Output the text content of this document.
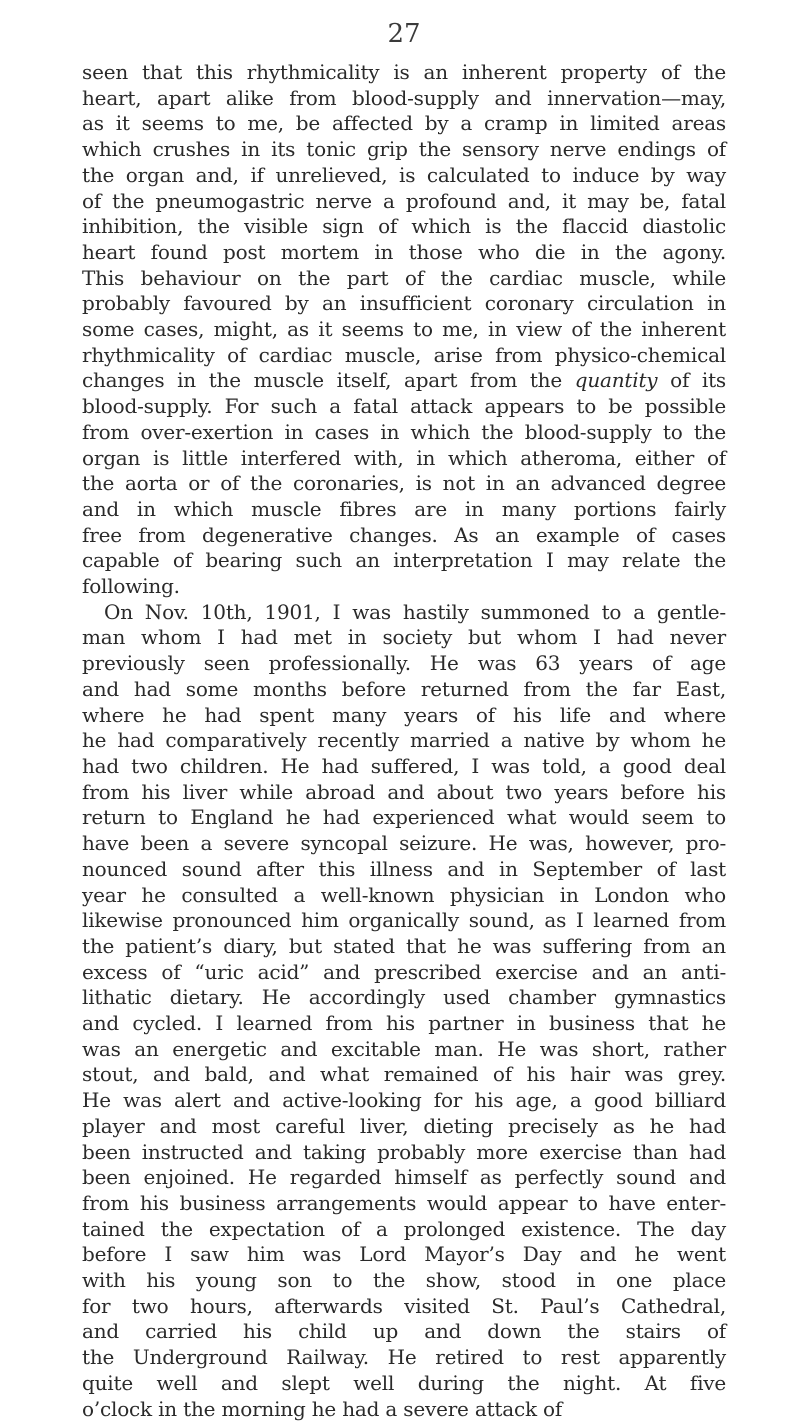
27
seen that this rhythmicality is an inherent property of the
heart, apart alike from blood-supply and innervation—may,
as it seems to me, be affected by a cramp in limited areas
which crushes in its tonic grip the sensory nerve endings of
the organ and, if unrelieved, is calculated to induce by way
of the pneumogastric nerve a profound and, it may be, fatal
inhibition, the visible sign of which is the flaccid diastolic
heart found post mortem in those who die in the agony.
This behaviour on the part of the cardiac muscle, while
probably favoured by an insufficient coronary circulation in
some cases, might, as it seems to me, in view of the inherent
rhythmicality of cardiac muscle, arise from physico-chemical
changes in the muscle itself, apart from the quantity of its
blood-supply. For such a fatal attack appears to be possible
from over-exertion in cases in which the blood-supply to the
organ is little interfered with, in which atheroma, either of
the aorta or of the coronaries, is not in an advanced degree
and in which muscle fibres are in many portions fairly
free from degenerative changes. As an example of cases
capable of bearing such an interpretation I may relate the
following.
On Nov. 10th, 1901, I was hastily summoned to a gentle-
man whom I had met in society but whom I had never
previously seen professionally. He was 63 years of age
and had some months before returned from the far East,
where he had spent many years of his life and where
he had comparatively recently married a native by whom he
had two children. He had suffered, I was told, a good deal
from his liver while abroad and about two years before his
return to England he had experienced what would seem to
have been a severe syncopal seizure. He was, however, pro-
nounced sound after this illness and in September of last
year he consulted a well-known physician in London who
likewise pronounced him organically sound, as I learned from
the patient’s diary, but stated that he was suffering from an
excess of “uric acid” and prescribed exercise and an anti-
lithatic dietary. He accordingly used chamber gymnastics
and cycled. I learned from his partner in business that he
was an energetic and excitable man. He was short, rather
stout, and bald, and what remained of his hair was grey.
He was alert and active-looking for his age, a good billiard
player and most careful liver, dieting precisely as he had
been instructed and taking probably more exercise than had
been enjoined. He regarded himself as perfectly sound and
from his business arrangements would appear to have enter-
tained the expectation of a prolonged existence. The day
before I saw him was Lord Mayor’s Day and he went
with his young son to the show, stood in one place
for two hours, afterwards visited St. Paul’s Cathedral,
and carried his child up and down the stairs of
the Underground Railway. He retired to rest apparently
quite well and slept well during the night. At five
o’clock in the morning he had a severe attack of
